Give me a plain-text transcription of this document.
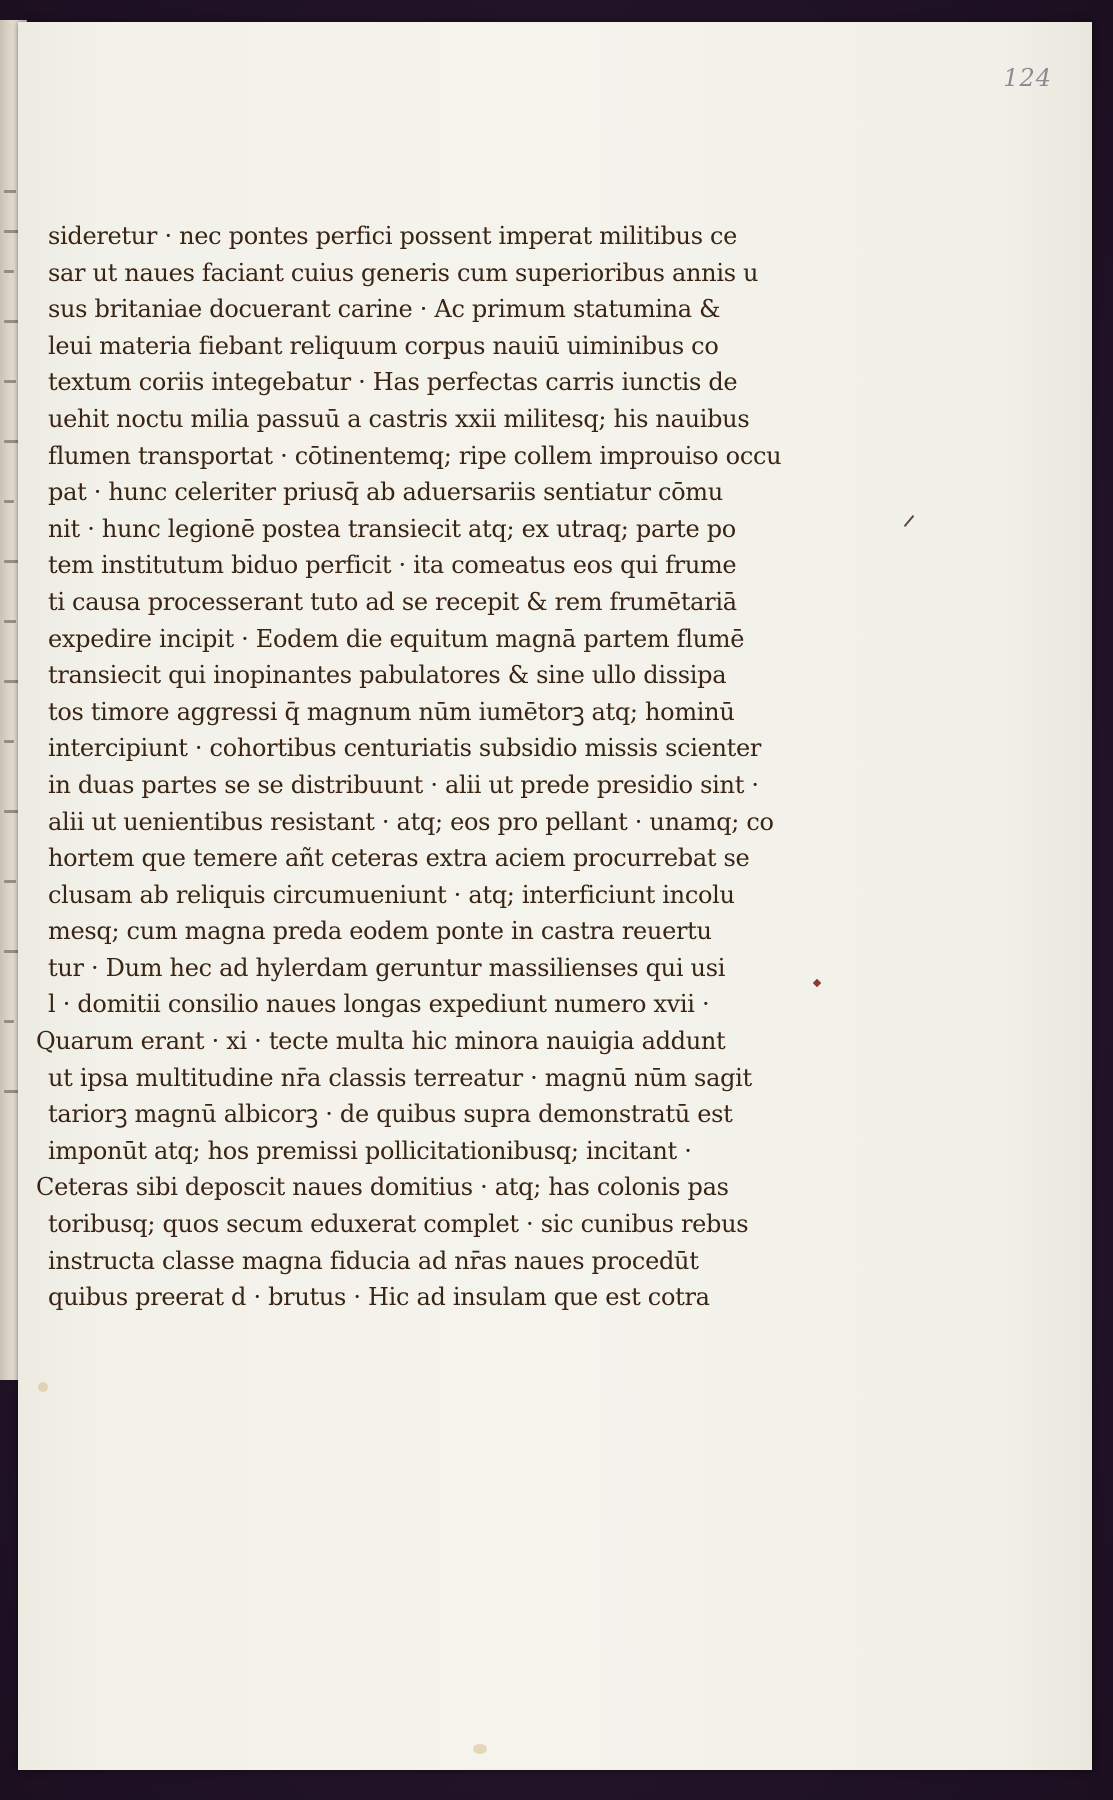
124
sideretur · nec pontes perfici possent imperat militibus ce
sar ut naues faciant cuius generis cum superioribus annis u
sus britaniae docuerant carine · Ac primum statumina &
leui materia fiebant reliquum corpus nauiū uiminibus co
textum coriis integebatur · Has perfectas carris iunctis de
uehit noctu milia passuū a castris xxii militesq; his nauibus
flumen transportat · cōtinentemq; ripe collem improuiso occu
pat · hunc celeriter priusq̄ ab aduersariis sentiatur cōmu
nit · hunc legionē postea transiecit atq; ex utraq; parte po
tem institutum biduo perficit · ita comeatus eos qui frume
ti causa processerant tuto ad se recepit & rem frumētariā
expedire incipit · Eodem die equitum magnā partem flumē
transiecit qui inopinantes pabulatores & sine ullo dissipa
tos timore aggressi q̄ magnum nūm iumētorꝫ atq; hominū
intercipiunt · cohortibus centuriatis subsidio missis scienter
in duas partes se se distribuunt · alii ut prede presidio sint ·
alii ut uenientibus resistant · atq; eos pro pellant · unamq; co
hortem que temere añt ceteras extra aciem procurrebat se
clusam ab reliquis circumueniunt · atq; interficiunt incolu
mesq; cum magna preda eodem ponte in castra reuertu
tur · Dum hec ad hylerdam geruntur massilienses qui usi
l · domitii consilio naues longas expediunt numero xvii ·
Quarum erant · xi · tecte multa hic minora nauigia addunt
ut ipsa multitudine nr̄a classis terreatur · magnū nūm sagit
tariorꝫ magnū albicorꝫ · de quibus supra demonstratū est
imponūt atq; hos premissi pollicitationibusq; incitant ·
Ceteras sibi deposcit naues domitius · atq; has colonis pas
toribusq; quos secum eduxerat complet · sic cunibus rebus
instructa classe magna fiducia ad nr̄as naues procedūt
quibus preerat d · brutus · Hic ad insulam que est cotra
